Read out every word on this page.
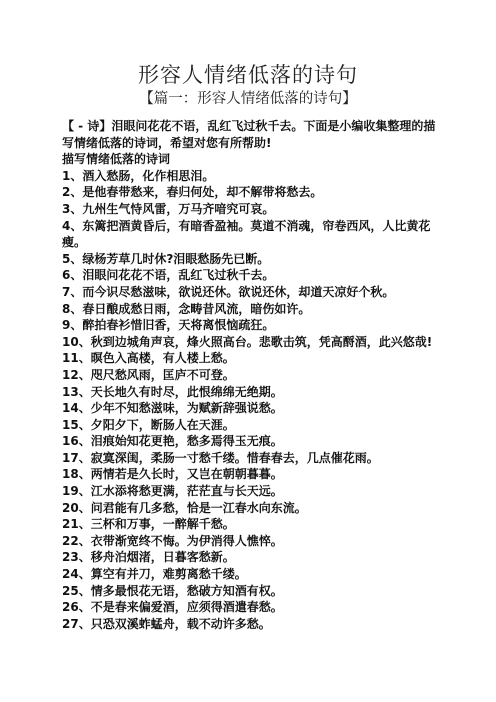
形容人情绪低落的诗句
【篇一：形容人情绪低落的诗句】

【 - 诗】泪眼问花花不语，乱红飞过秋千去。下面是小编收集整理的描写情绪低落的诗词，希望对您有所帮助!

描写情绪低落的诗词

1、酒入愁肠，化作相思泪。

2、是他春带愁来，春归何处，却不解带将愁去。

3、九州生气恃风雷，万马齐喑究可哀。

4、东篱把酒黄昏后，有暗香盈袖。莫道不消魂，帘卷西风，人比黄花瘦。

5、绿杨芳草几时休?泪眼愁肠先已断。

6、泪眼问花花不语，乱红飞过秋千去。

7、而今识尽愁滋味，欲说还休。欲说还休，却道天凉好个秋。

8、春日酿成愁日雨，念畴昔风流，暗伤如许。

9、醉拍春衫惜旧香，天将离恨恼疏狂。

10、秋到边城角声哀，烽火照高台。悲歌击筑，凭高酹酒，此兴悠哉!

11、暝色入高楼，有人楼上愁。

12、咫尺愁风雨，匡庐不可登。

13、天长地久有时尽，此恨绵绵无绝期。

14、少年不知愁滋味，为赋新辞强说愁。

15、夕阳夕下，断肠人在天涯。

16、泪痕始知花更艳，愁多焉得玉无痕。

17、寂寞深闺，柔肠一寸愁千缕。惜春春去，几点催花雨。

18、两情若是久长时，又岂在朝朝暮暮。

19、江水添将愁更满，茫茫直与长天远。

20、问君能有几多愁，恰是一江春水向东流。

21、三杯和万事，一醉解千愁。

22、衣带渐宽终不悔。为伊消得人憔悴。

23、移舟泊烟渚，日暮客愁新。

24、算空有并刀，难剪离愁千缕。

25、情多最恨花无语，愁破方知酒有权。

26、不是春来偏爱酒，应须得酒遣春愁。

27、只恐双溪蚱蜢舟，载不动许多愁。
